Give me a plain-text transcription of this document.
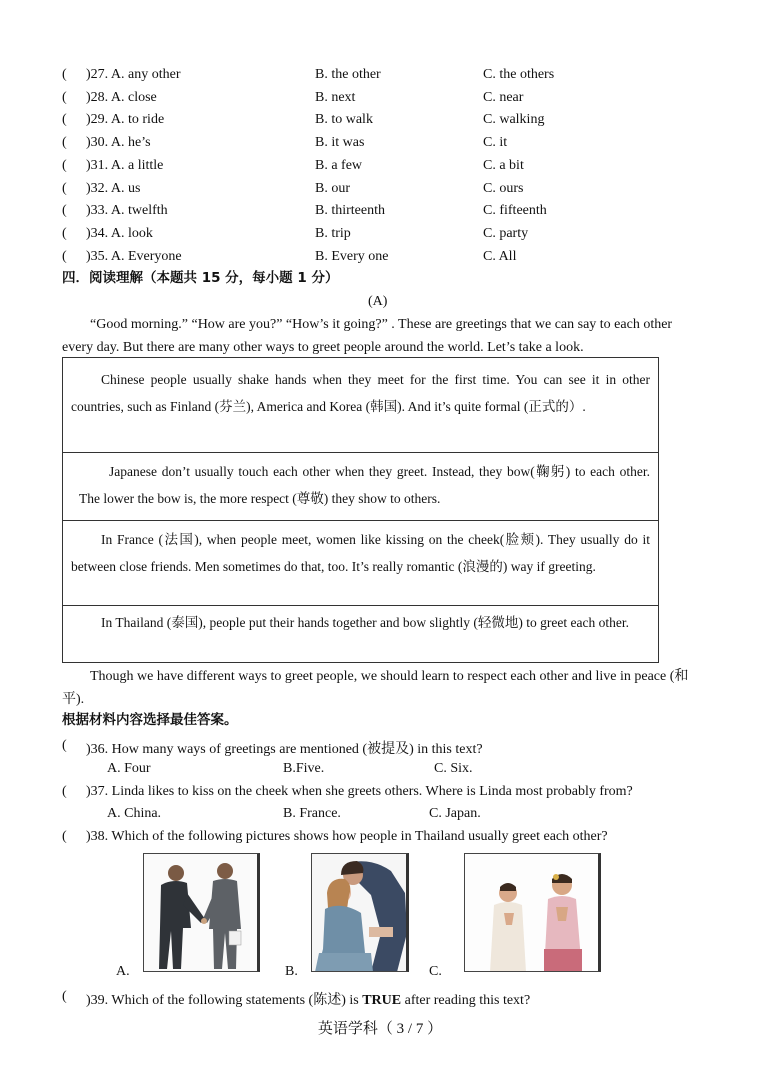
( )27. A. any other	B. the other	C. the others
( )28. A. close	B. next	C. near
( )29. A. to ride	B. to walk	C. walking
( )30. A. he’s	B. it was	C. it
( )31. A. a little	B. a few	C. a bit
( )32. A. us	B. our	C. ours
( )33. A. twelfth	B. thirteenth	C. fifteenth
( )34. A. look	B. trip	C. party
( )35. A. Everyone	B. Every one	C. All
四．阅读理解（本题共 15 分，每小题 1 分）
(A)
“Good morning.” “How are you?” “How’s it going?” . These are greetings that we can say to each other every day. But there are many other ways to greet people around the world. Let’s take a look.
Chinese people usually shake hands when they meet for the first time. You can see it in other countries, such as Finland (芬兰), America and Korea (韩国). And it’s quite formal (正式的）.

Japanese don’t usually touch each other when they greet. Instead, they bow(鞠躬) to each other. The lower the bow is, the more respect (尊敬) they show to others.

In France (法国), when people meet, women like kissing on the cheek(脸颊). They usually do it between close friends. Men sometimes do that, too. It’s really romantic (浪漫的) way if greeting.

In Thailand (泰国), people put their hands together and bow slightly (轻微地) to greet each other.
Though we have different ways to greet people, we should learn to respect each other and live in peace (和平).
根据材料内容选择最佳答案。
( )36. How many ways of greetings are mentioned (被提及) in this text?
A. Four	B.Five.	C. Six.
( )37. Linda likes to kiss on the cheek when she greets others. Where is Linda most probably from?
A. China.	B. France.	C. Japan.
( )38. Which of the following pictures shows how people in Thailand usually greet each other?
A.	B.	C.
( )39. Which of the following statements (陈述) is TRUE after reading this text?
英语学科（ 3 / 7 ）
